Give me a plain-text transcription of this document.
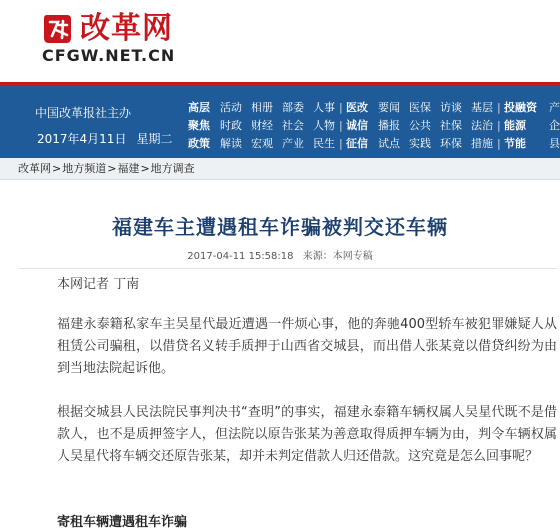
改革网
CFGW.NET.CN
中国改革报社主办
2017年4月11日 星期二
高层 活动 相册 部委 人事 | 医改 要闻 医保 访谈 基层 | 投融资 产
聚焦 时政 财经 社会 人物 | 诚信 播报 公共 社保 法治 | 能源 企
政策 解读 宏观 产业 民生 | 征信 试点 实践 环保 措施 | 节能 县
改革网>地方频道>福建>地方调查
福建车主遭遇租车诈骗被判交还车辆
2017-04-11 15:58:18 来源：本网专稿

本网记者 丁南

福建永泰籍私家车主吴星代最近遭遇一件烦心事，他的奔驰400型轿车被犯罪嫌疑人从租赁公司骗租，以借贷名义转手质押于山西省交城县，而出借人张某竟以借贷纠纷为由到当地法院起诉他。

根据交城县人民法院民事判决书“查明”的事实，福建永泰籍车辆权属人吴星代既不是借款人，也不是质押签字人，但法院以原告张某为善意取得质押车辆为由，判令车辆权属人吴星代将车辆交还原告张某，却并未判定借款人归还借款。这究竟是怎么回事呢？

寄租车辆遭遇租车诈骗
